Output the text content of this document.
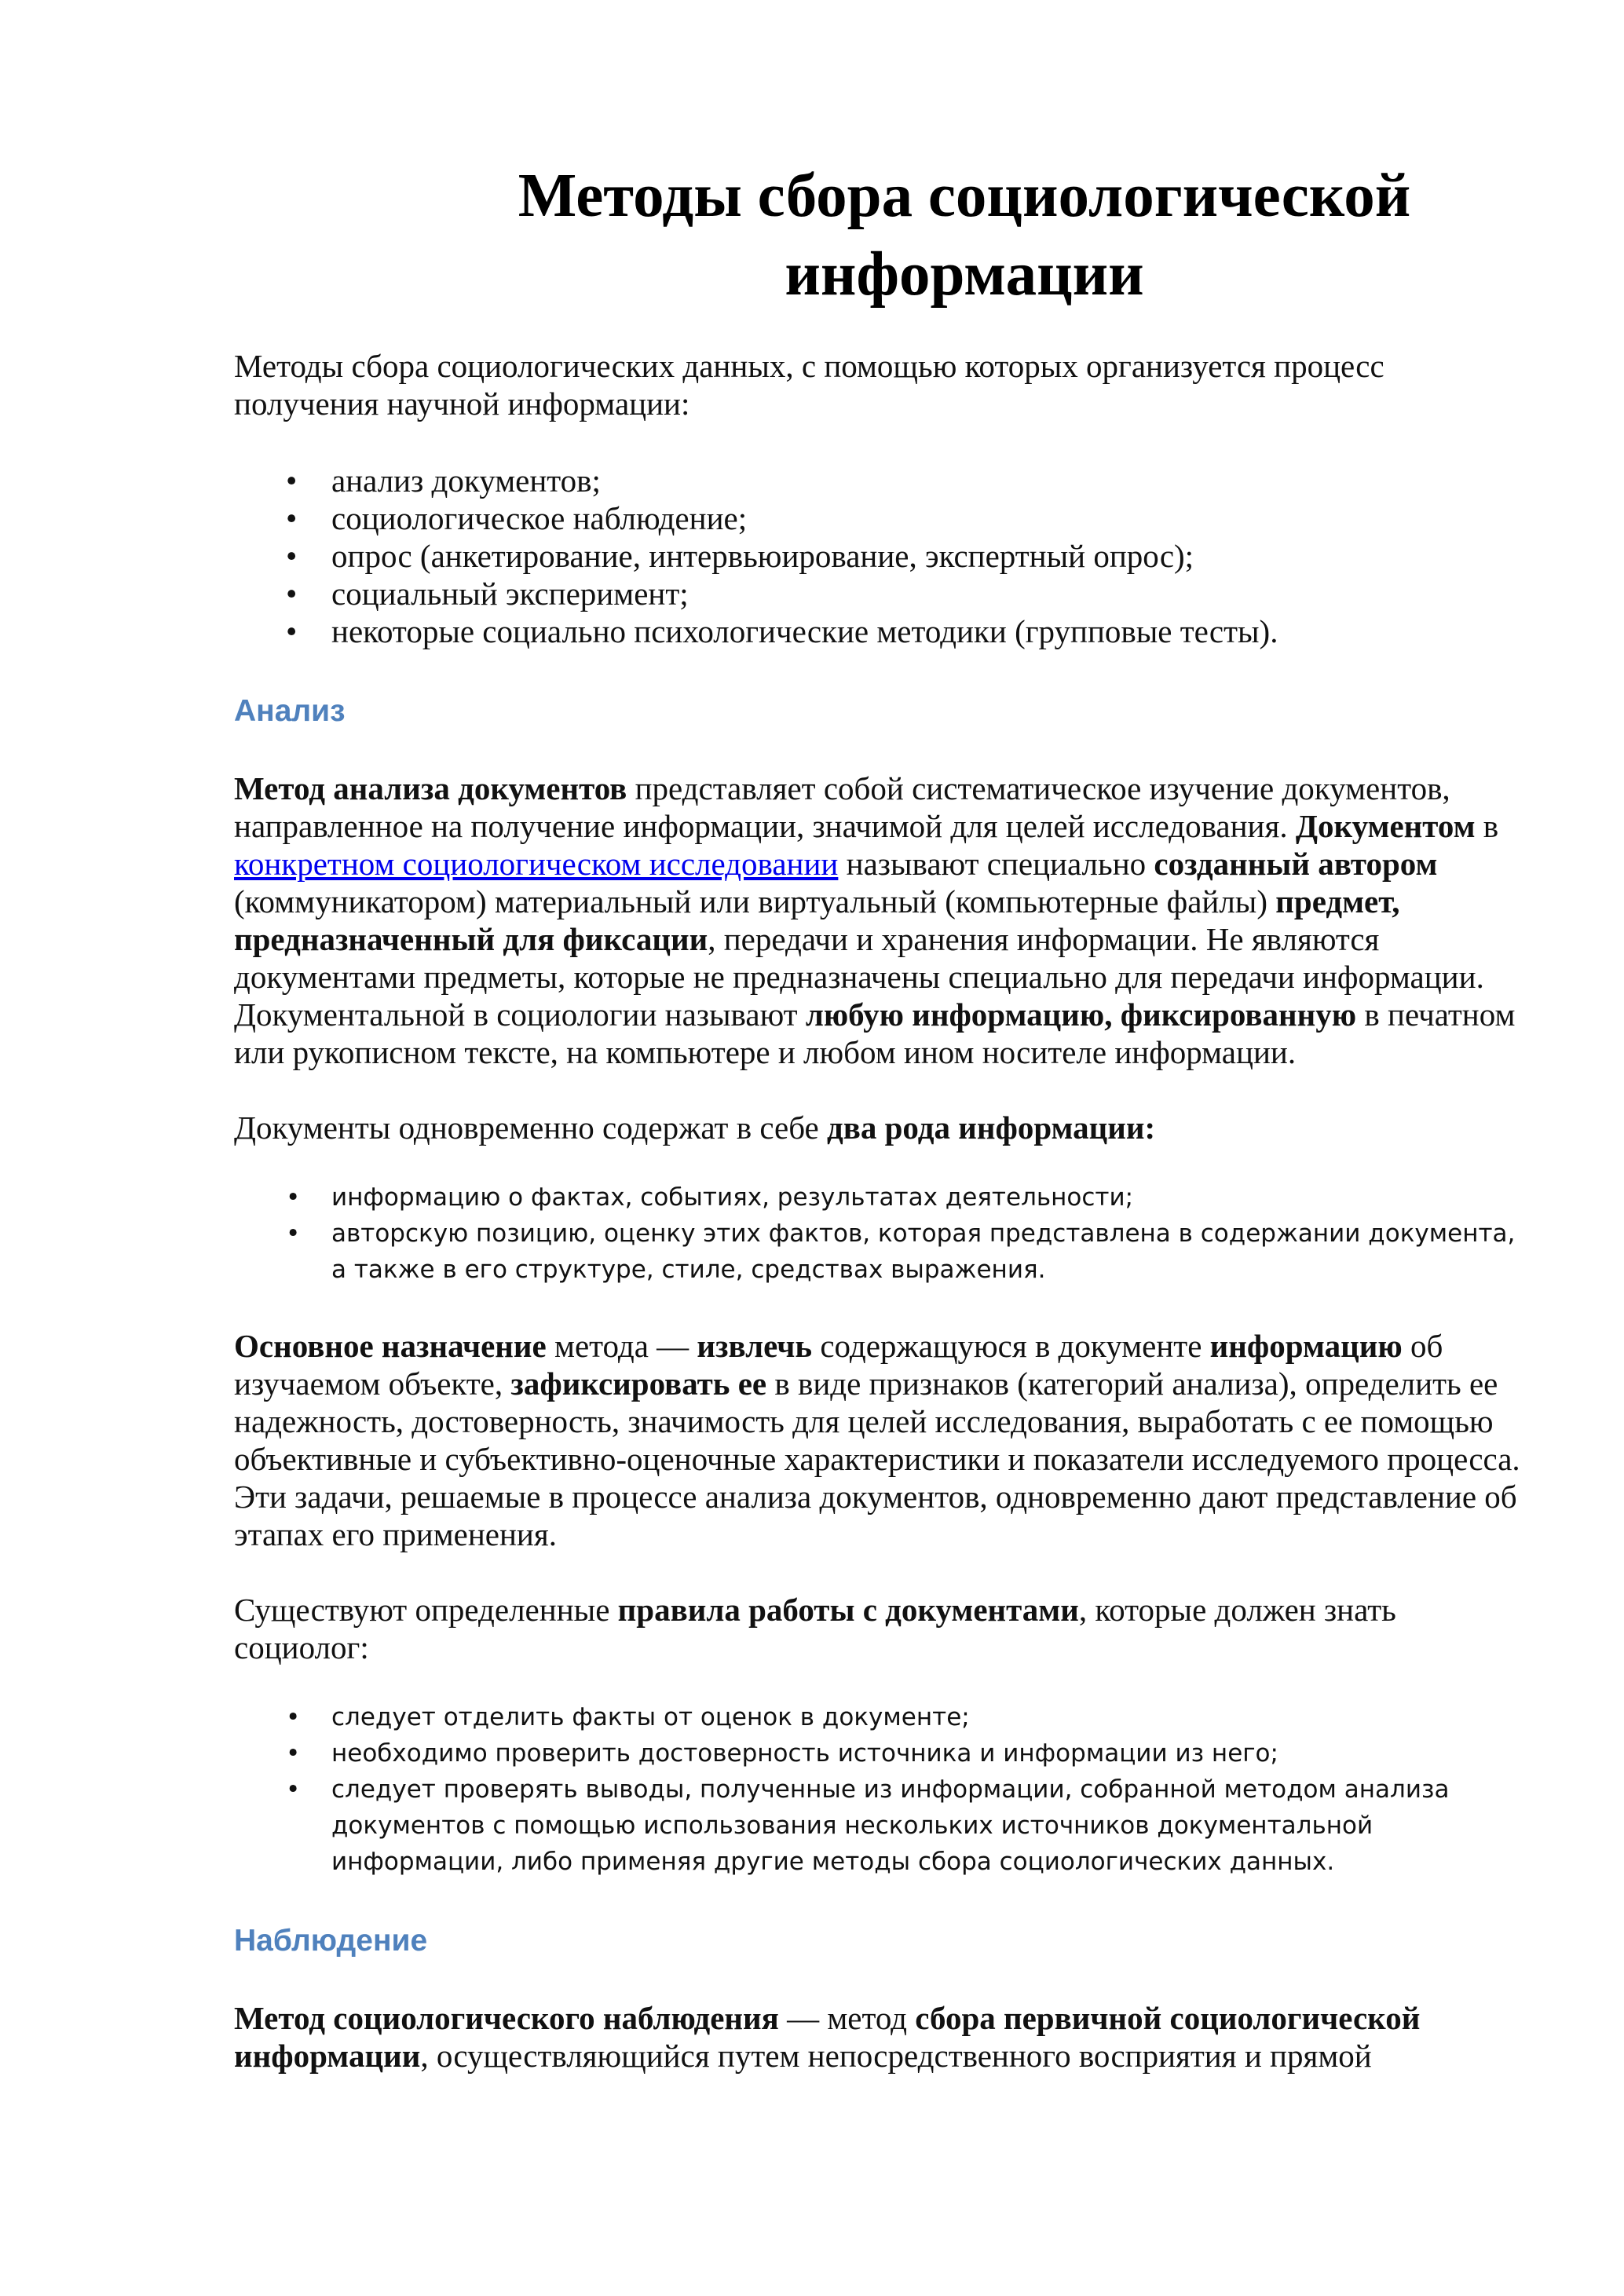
Методы сбора социологической информации

Методы сбора социологических данных, с помощью которых организуется процесс получения научной информации:

• анализ документов;
• социологическое наблюдение;
• опрос (анкетирование, интервьюирование, экспертный опрос);
• социальный эксперимент;
• некоторые социально психологические методики (групповые тесты).
Анализ

Метод анализа документов представляет собой систематическое изучение документов, направленное на получение информации, значимой для целей исследования. Документом в конкретном социологическом исследовании называют специально созданный автором (коммуникатором) материальный или виртуальный (компьютерные файлы) предмет, предназначенный для фиксации, передачи и хранения информации. Не являются документами предметы, которые не предназначены специально для передачи информации. Документальной в социологии называют любую информацию, фиксированную в печатном или рукописном тексте, на компьютере и любом ином носителе информации.

Документы одновременно содержат в себе два рода информации:

• информацию о фактах, событиях, результатах деятельности;
• авторскую позицию, оценку этих фактов, которая представлена в содержании документа, а также в его структуре, стиле, средствах выражения.

Основное назначение метода — извлечь содержащуюся в документе информацию об изучаемом объекте, зафиксировать ее в виде признаков (категорий анализа), определить ее надежность, достоверность, значимость для целей исследования, выработать с ее помощью объективные и субъективно-оценочные характеристики и показатели исследуемого процесса. Эти задачи, решаемые в процессе анализа документов, одновременно дают представление об этапах его применения.

Существуют определенные правила работы с документами, которые должен знать социолог:

• следует отделить факты от оценок в документе;
• необходимо проверить достоверность источника и информации из него;
• следует проверять выводы, полученные из информации, собранной методом анализа документов с помощью использования нескольких источников документальной информации, либо применяя другие методы сбора социологических данных.
Наблюдение

Метод социологического наблюдения — метод сбора первичной социологической информации, осуществляющийся путем непосредственного восприятия и прямой
